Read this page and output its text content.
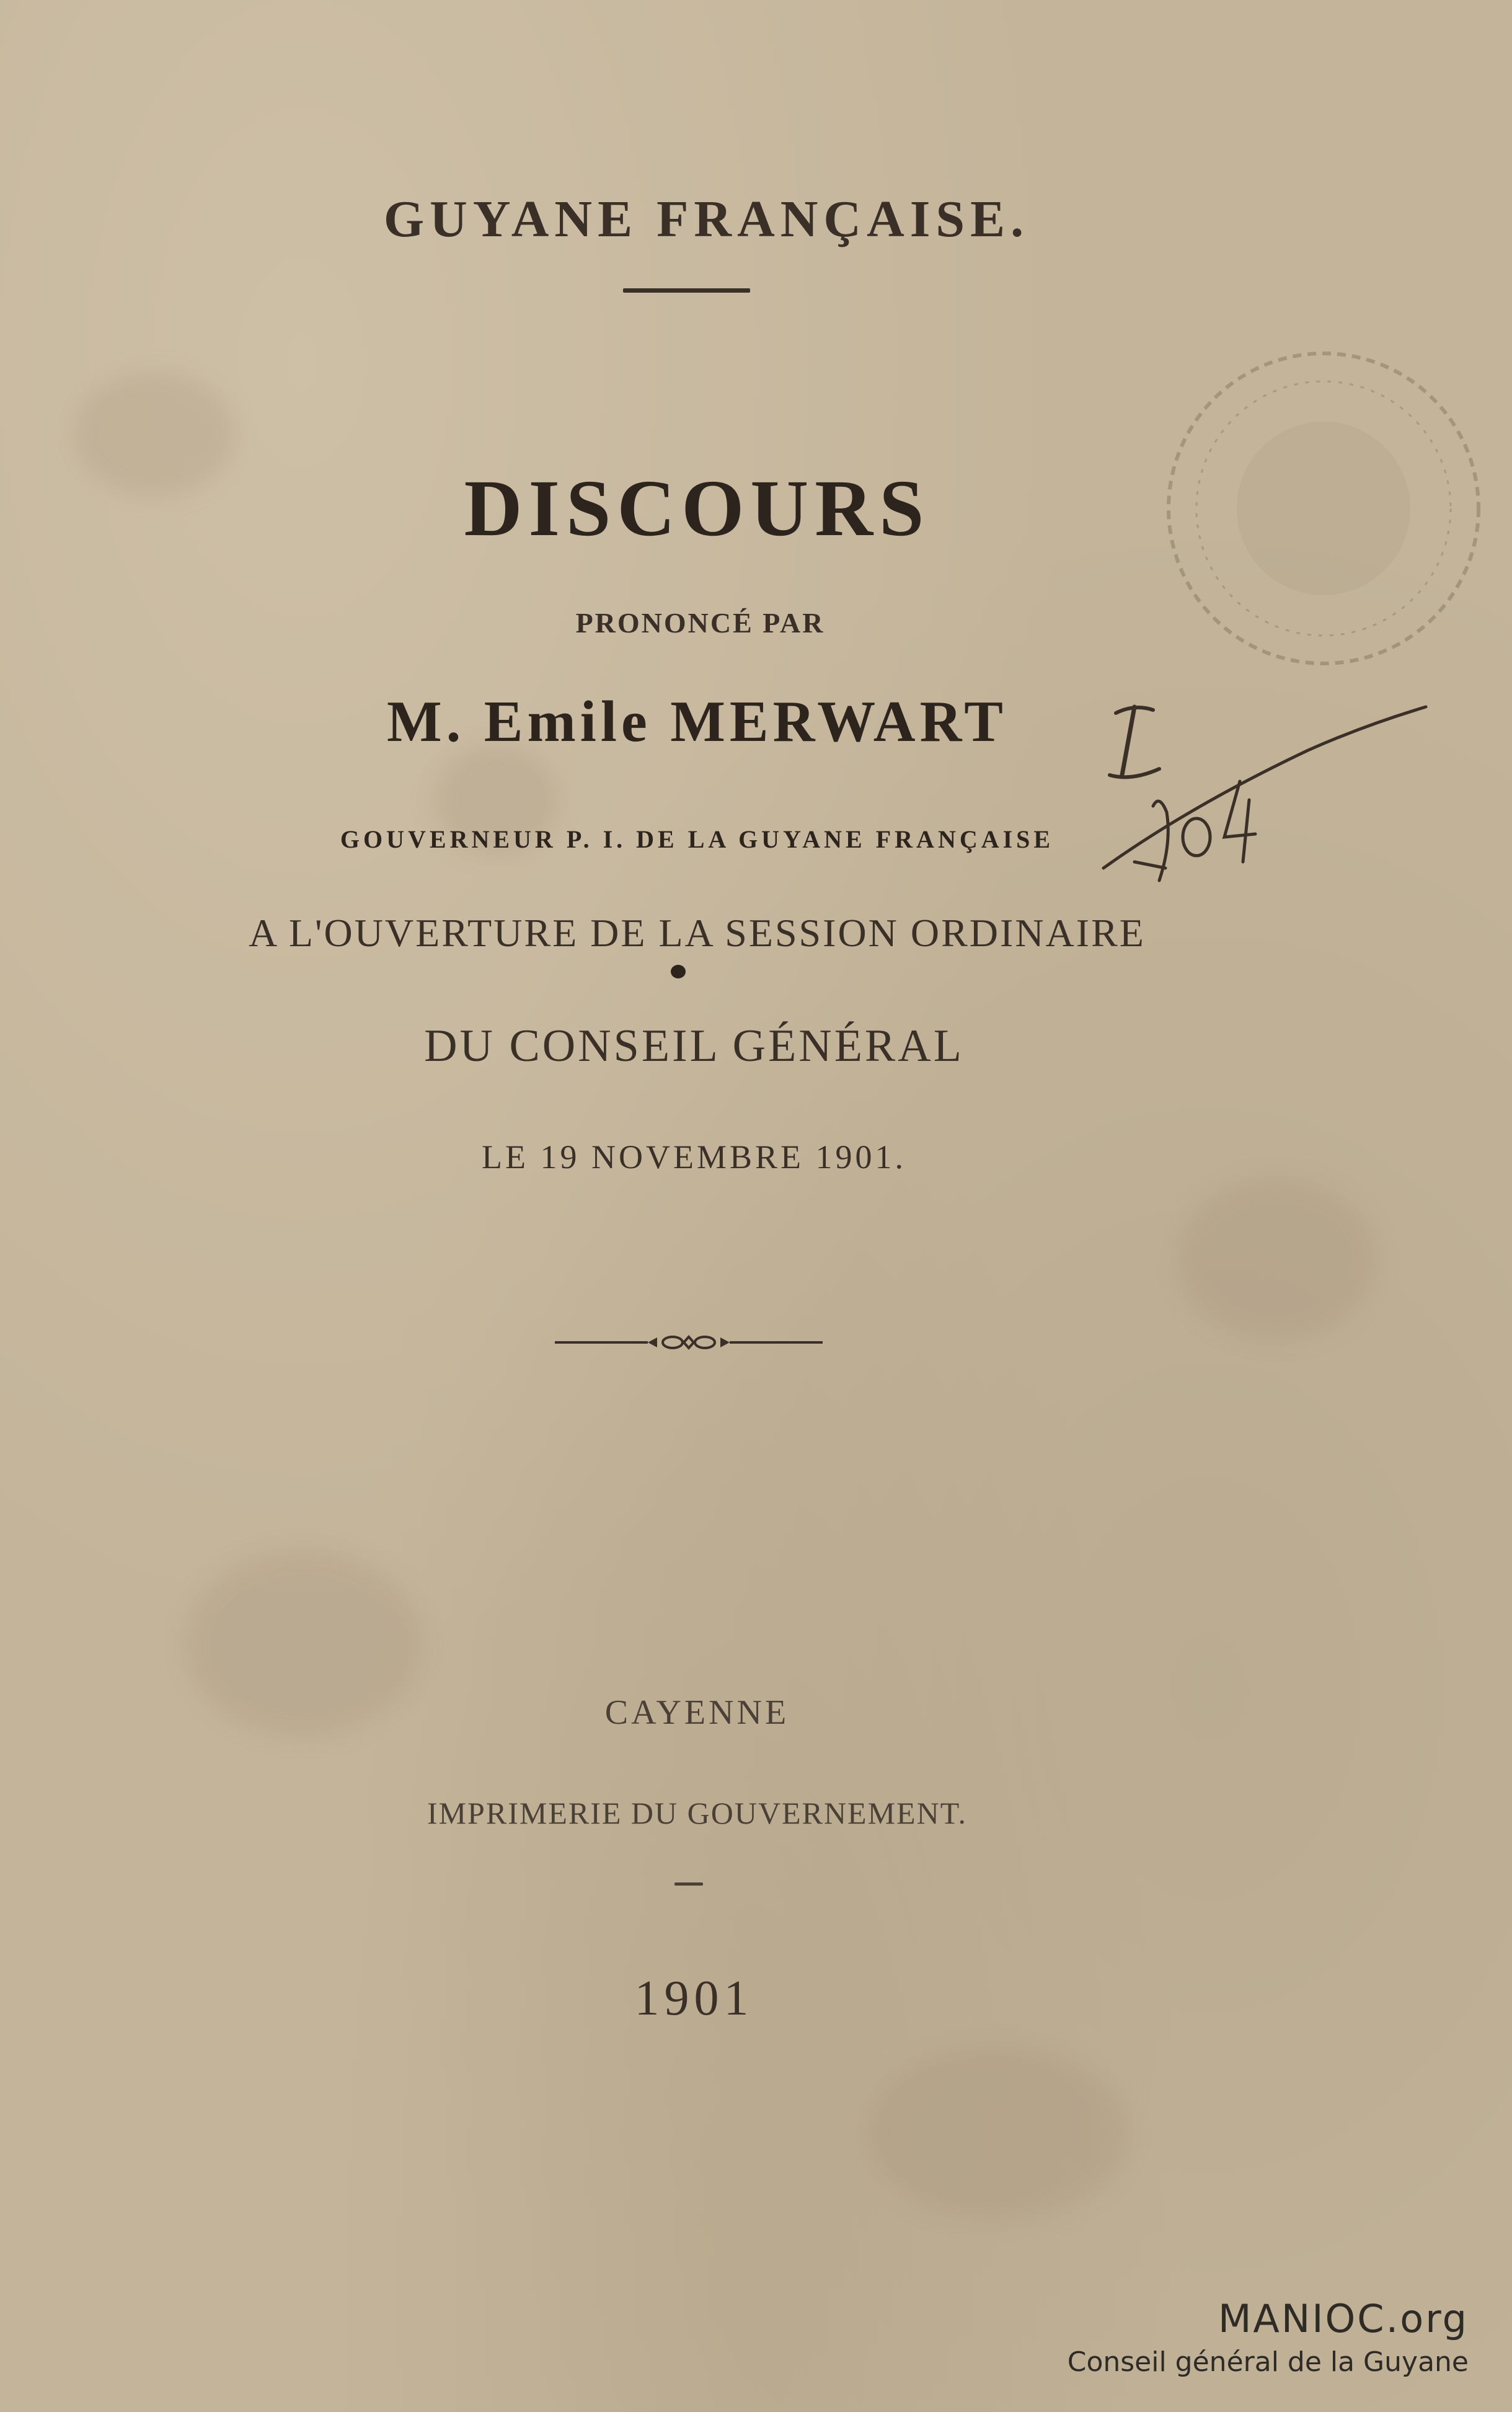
GUYANE FRANÇAISE.
DISCOURS
PRONONCÉ PAR
M. Emile MERWART
GOUVERNEUR P. I. DE LA GUYANE FRANÇAISE
A L'OUVERTURE DE LA SESSION ORDINAIRE
DU CONSEIL GÉNÉRAL
LE 19 NOVEMBRE 1901.
CAYENNE
IMPRIMERIE DU GOUVERNEMENT.
1901
MANIOC.org
Conseil général de la Guyane
